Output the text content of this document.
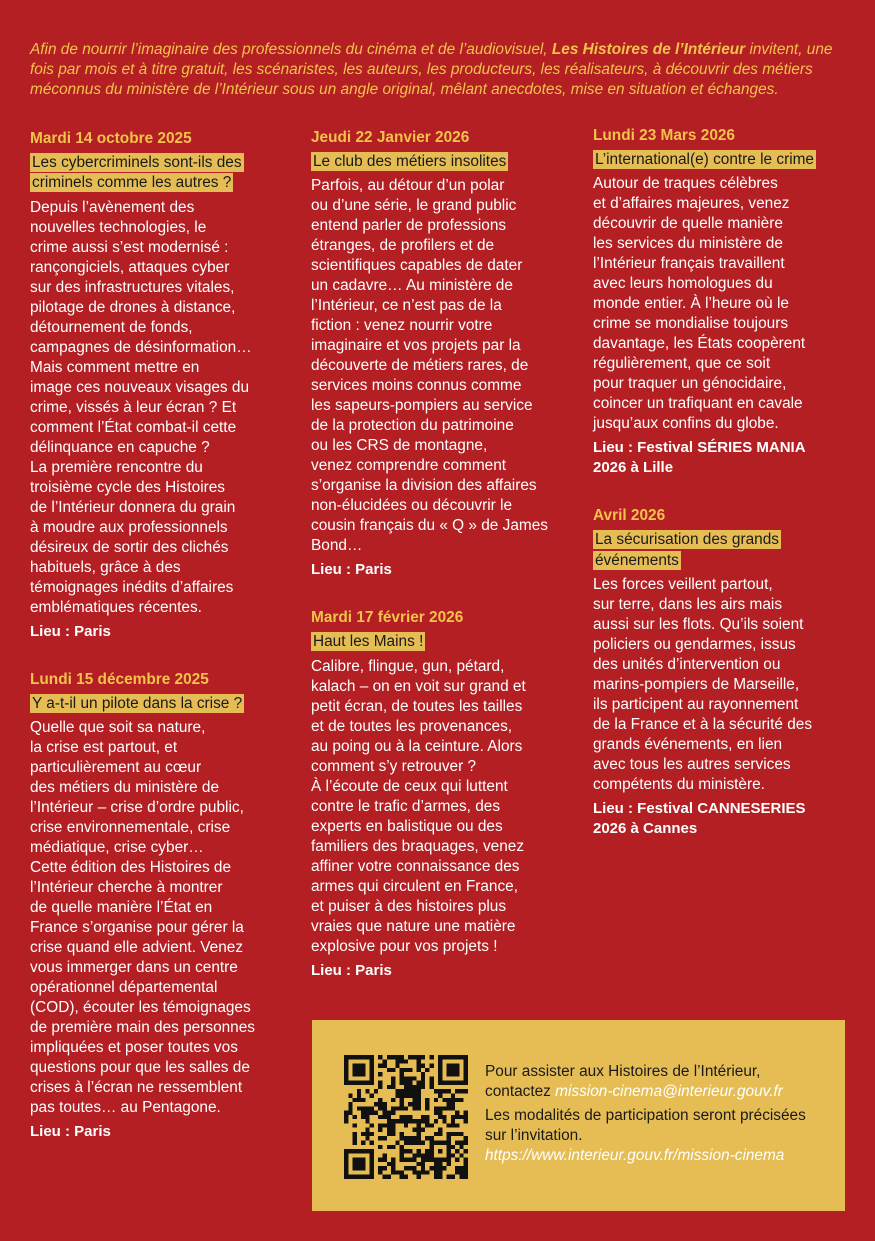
Afin de nourrir l’imaginaire des professionnels du cinéma et de l’audiovisuel, Les Histoires de l’Intérieur invitent, une fois par mois et à titre gratuit, les scénaristes, les auteurs, les producteurs, les réalisateurs, à découvrir des métiers méconnus du ministère de l’Intérieur sous un angle original, mêlant anecdotes, mise en situation et échanges.

Mardi 14 octobre 2025
Les cybercriminels sont-ils des criminels comme les autres ?

Depuis l’avènement des
nouvelles technologies, le
crime aussi s’est modernisé :
rançongiciels, attaques cyber
sur des infrastructures vitales,
pilotage de drones à distance,
détournement de fonds,
campagnes de désinformation…
Mais comment mettre en
image ces nouveaux visages du
crime, vissés à leur écran ? Et
comment l’État combat-il cette
délinquance en capuche ?
La première rencontre du
troisième cycle des Histoires
de l’Intérieur donnera du grain
à moudre aux professionnels
désireux de sortir des clichés
habituels, grâce à des
témoignages inédits d’affaires
emblématiques récentes.

Lieu : Paris
Lundi 15 décembre 2025
Y a-t-il un pilote dans la crise ?

Quelle que soit sa nature,
la crise est partout, et
particulièrement au cœur
des métiers du ministère de
l’Intérieur – crise d’ordre public,
crise environnementale, crise
médiatique, crise cyber…
Cette édition des Histoires de
l’Intérieur cherche à montrer
de quelle manière l’État en
France s’organise pour gérer la
crise quand elle advient. Venez
vous immerger dans un centre
opérationnel départemental
(COD), écouter les témoignages
de première main des personnes
impliquées et poser toutes vos
questions pour que les salles de
crises à l’écran ne ressemblent
pas toutes… au Pentagone.

Lieu : Paris
Jeudi 22 Janvier 2026
Le club des métiers insolites

Parfois, au détour d’un polar
ou d’une série, le grand public
entend parler de professions
étranges, de profilers et de
scientifiques capables de dater
un cadavre… Au ministère de
l’Intérieur, ce n’est pas de la
fiction : venez nourrir votre
imaginaire et vos projets par la
découverte de métiers rares, de
services moins connus comme
les sapeurs-pompiers au service
de la protection du patrimoine
ou les CRS de montagne,
venez comprendre comment
s’organise la division des affaires
non-élucidées ou découvrir le
cousin français du « Q » de James
Bond…

Lieu : Paris
Mardi 17 février 2026
Haut les Mains !

Calibre, flingue, gun, pétard,
kalach – on en voit sur grand et
petit écran, de toutes les tailles
et de toutes les provenances,
au poing ou à la ceinture. Alors
comment s’y retrouver ?
À l’écoute de ceux qui luttent
contre le trafic d’armes, des
experts en balistique ou des
familiers des braquages, venez
affiner votre connaissance des
armes qui circulent en France,
et puiser à des histoires plus
vraies que nature une matière
explosive pour vos projets !

Lieu : Paris
Lundi 23 Mars 2026
L’international(e) contre le crime

Autour de traques célèbres
et d’affaires majeures, venez
découvrir de quelle manière
les services du ministère de
l’Intérieur français travaillent
avec leurs homologues du
monde entier. À l’heure où le
crime se mondialise toujours
davantage, les États coopèrent
régulièrement, que ce soit
pour traquer un génocidaire,
coincer un trafiquant en cavale
jusqu’aux confins du globe.

Lieu : Festival SÉRIES MANIA
2026 à Lille
Avril 2026
La sécurisation des grands événements

Les forces veillent partout,
sur terre, dans les airs mais
aussi sur les flots. Qu’ils soient
policiers ou gendarmes, issus
des unités d’intervention ou
marins-pompiers de Marseille,
ils participent au rayonnement
de la France et à la sécurité des
grands événements, en lien
avec tous les autres services
compétents du ministère.

Lieu : Festival CANNESERIES
2026 à Cannes

Pour assister aux Histoires de l’Intérieur,

contactez mission-cinema@interieur.gouv.fr

Les modalités de participation seront précisées sur l’invitation.

https://www.interieur.gouv.fr/mission-cinema
